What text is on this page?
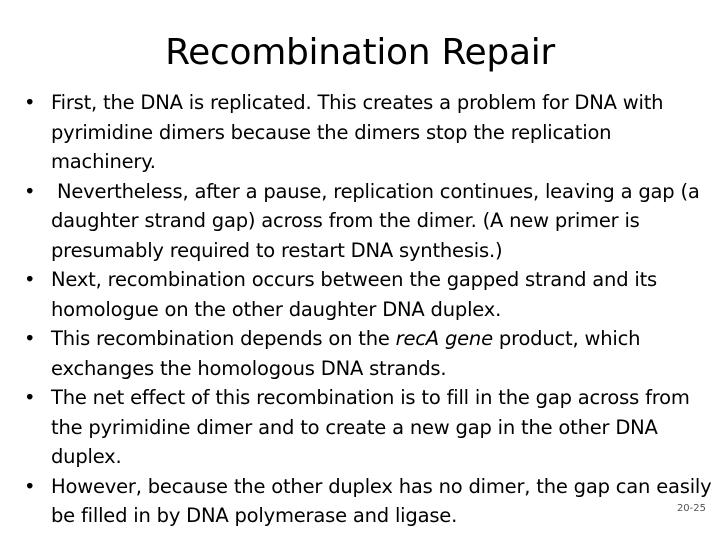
Recombination Repair
• First, the DNA is replicated. This creates a problem for DNA with pyrimidine dimers because the dimers stop the replication machinery.
• Nevertheless, after a pause, replication continues, leaving a gap (a daughter strand gap) across from the dimer. (A new primer is presumably required to restart DNA synthesis.)
• Next, recombination occurs between the gapped strand and its homologue on the other daughter DNA duplex.
• This recombination depends on the recA gene product, which exchanges the homologous DNA strands.
• The net effect of this recombination is to fill in the gap across from the pyrimidine dimer and to create a new gap in the other DNA duplex.
• However, because the other duplex has no dimer, the gap can easily be filled in by DNA polymerase and ligase.	20-25
